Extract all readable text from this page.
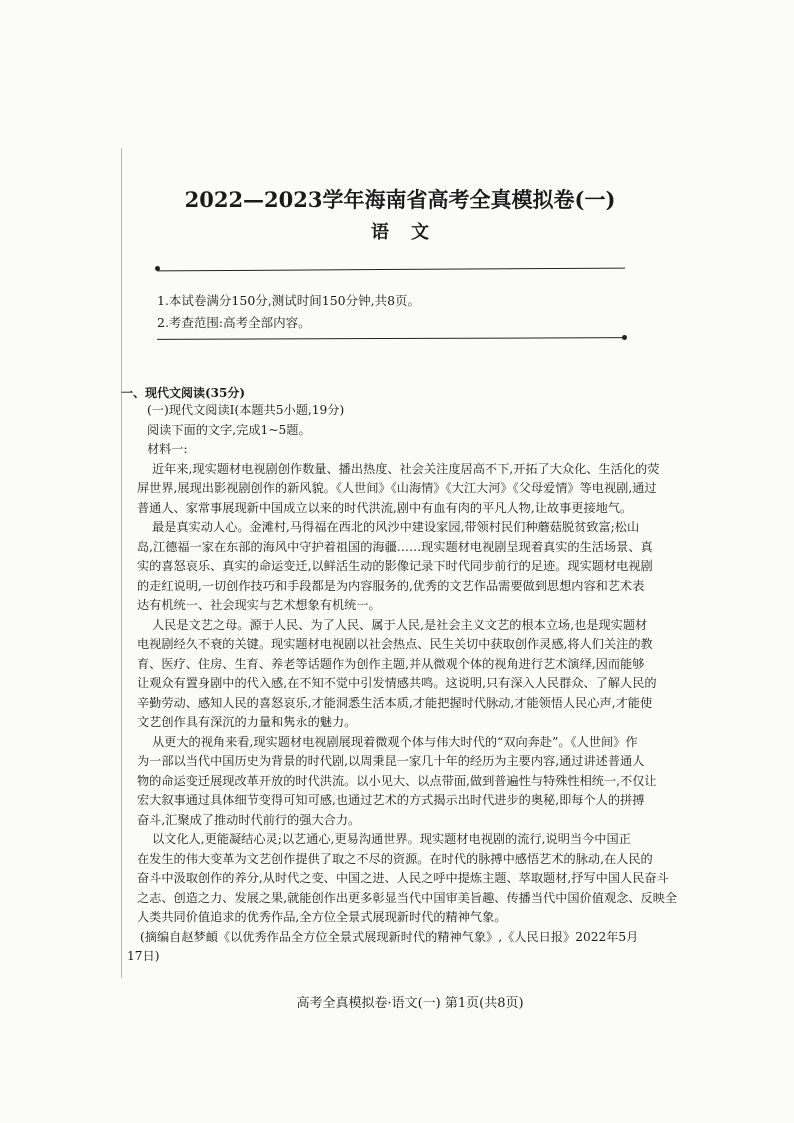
2022—2023学年海南省高考全真模拟卷(一)
语文
1.本试卷满分150分,测试时间150分钟,共8页。
2.考查范围:高考全部内容。
一、现代文阅读(35分)
(一)现代文阅读Ⅰ(本题共5小题,19分)
阅读下面的文字,完成1~5题。
材料一:
近年来,现实题材电视剧创作数量、播出热度、社会关注度居高不下,开拓了大众化、生活化的荧
屏世界,展现出影视剧创作的新风貌。《人世间》《山海情》《大江大河》《父母爱情》等电视剧,通过
普通人、家常事展现新中国成立以来的时代洪流,剧中有血有肉的平凡人物,让故事更接地气。
最是真实动人心。金滩村,马得福在西北的风沙中建设家园,带领村民们种蘑菇脱贫致富;松山
岛,江德福一家在东部的海风中守护着祖国的海疆……现实题材电视剧呈现着真实的生活场景、真
实的喜怒哀乐、真实的命运变迁,以鲜活生动的影像记录下时代同步前行的足迹。现实题材电视剧
的走红说明,一切创作技巧和手段都是为内容服务的,优秀的文艺作品需要做到思想内容和艺术表
达有机统一、社会现实与艺术想象有机统一。
人民是文艺之母。源于人民、为了人民、属于人民,是社会主义文艺的根本立场,也是现实题材
电视剧经久不衰的关键。现实题材电视剧以社会热点、民生关切中获取创作灵感,将人们关注的教
育、医疗、住房、生育、养老等话题作为创作主题,并从微观个体的视角进行艺术演绎,因而能够
让观众有置身剧中的代入感,在不知不觉中引发情感共鸣。这说明,只有深入人民群众、了解人民的
辛勤劳动、感知人民的喜怒哀乐,才能洞悉生活本质,才能把握时代脉动,才能领悟人民心声,才能使
文艺创作具有深沉的力量和隽永的魅力。
从更大的视角来看,现实题材电视剧展现着微观个体与伟大时代的“双向奔赴”。《人世间》作
为一部以当代中国历史为背景的时代剧,以周秉昆一家几十年的经历为主要内容,通过讲述普通人
物的命运变迁展现改革开放的时代洪流。以小见大、以点带面,做到普遍性与特殊性相统一,不仅让
宏大叙事通过具体细节变得可知可感,也通过艺术的方式揭示出时代进步的奥秘,即每个人的拼搏
奋斗,汇聚成了推动时代前行的强大合力。
以文化人,更能凝结心灵;以艺通心,更易沟通世界。现实题材电视剧的流行,说明当今中国正
在发生的伟大变革为文艺创作提供了取之不尽的资源。在时代的脉搏中感悟艺术的脉动,在人民的
奋斗中汲取创作的养分,从时代之变、中国之进、人民之呼中提炼主题、萃取题材,抒写中国人民奋斗
之志、创造之力、发展之果,就能创作出更多彰显当代中国审美旨趣、传播当代中国价值观念、反映全
人类共同价值追求的优秀作品,全方位全景式展现新时代的精神气象。
(摘编自赵梦頔《以优秀作品全方位全景式展现新时代的精神气象》,《人民日报》2022年5月
17日)
高考全真模拟卷·语文(一) 第1页(共8页)
